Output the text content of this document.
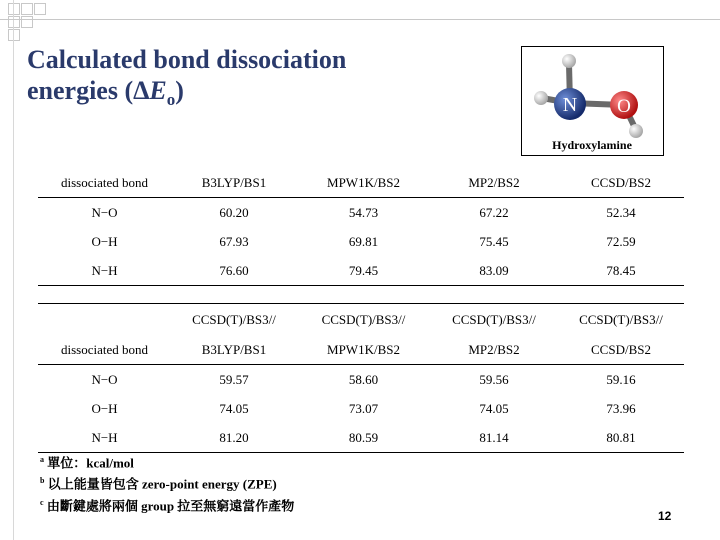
Calculated bond dissociation
energies $(\Delta E_o)$	N O
Hydroxylamine
dissociated bond	B3LYP/BS1	MPW1K/BS2	MP2/BS2	CCSD/BS2
N−O	60.20	54.73	67.22	52.34
O−H	67.93	69.81	75.45	72.59
N−H	76.60	79.45	83.09	78.45
	CCSD(T)/BS3//	CCSD(T)/BS3//	CCSD(T)/BS3//	CCSD(T)/BS3//
dissociated bond	B3LYP/BS1	MPW1K/BS2	MP2/BS2	CCSD/BS2
N−O	59.57	58.60	59.56	59.16
O−H	74.05	73.07	74.05	73.96
N−H	81.20	80.59	81.14	80.81
$^a$ 單位：kcal/mol
$^b$ 以上能量皆包含 zero-point energy (ZPE)
$^c$ 由斷鍵處將兩個 group 拉至無窮遠當作產物
12
